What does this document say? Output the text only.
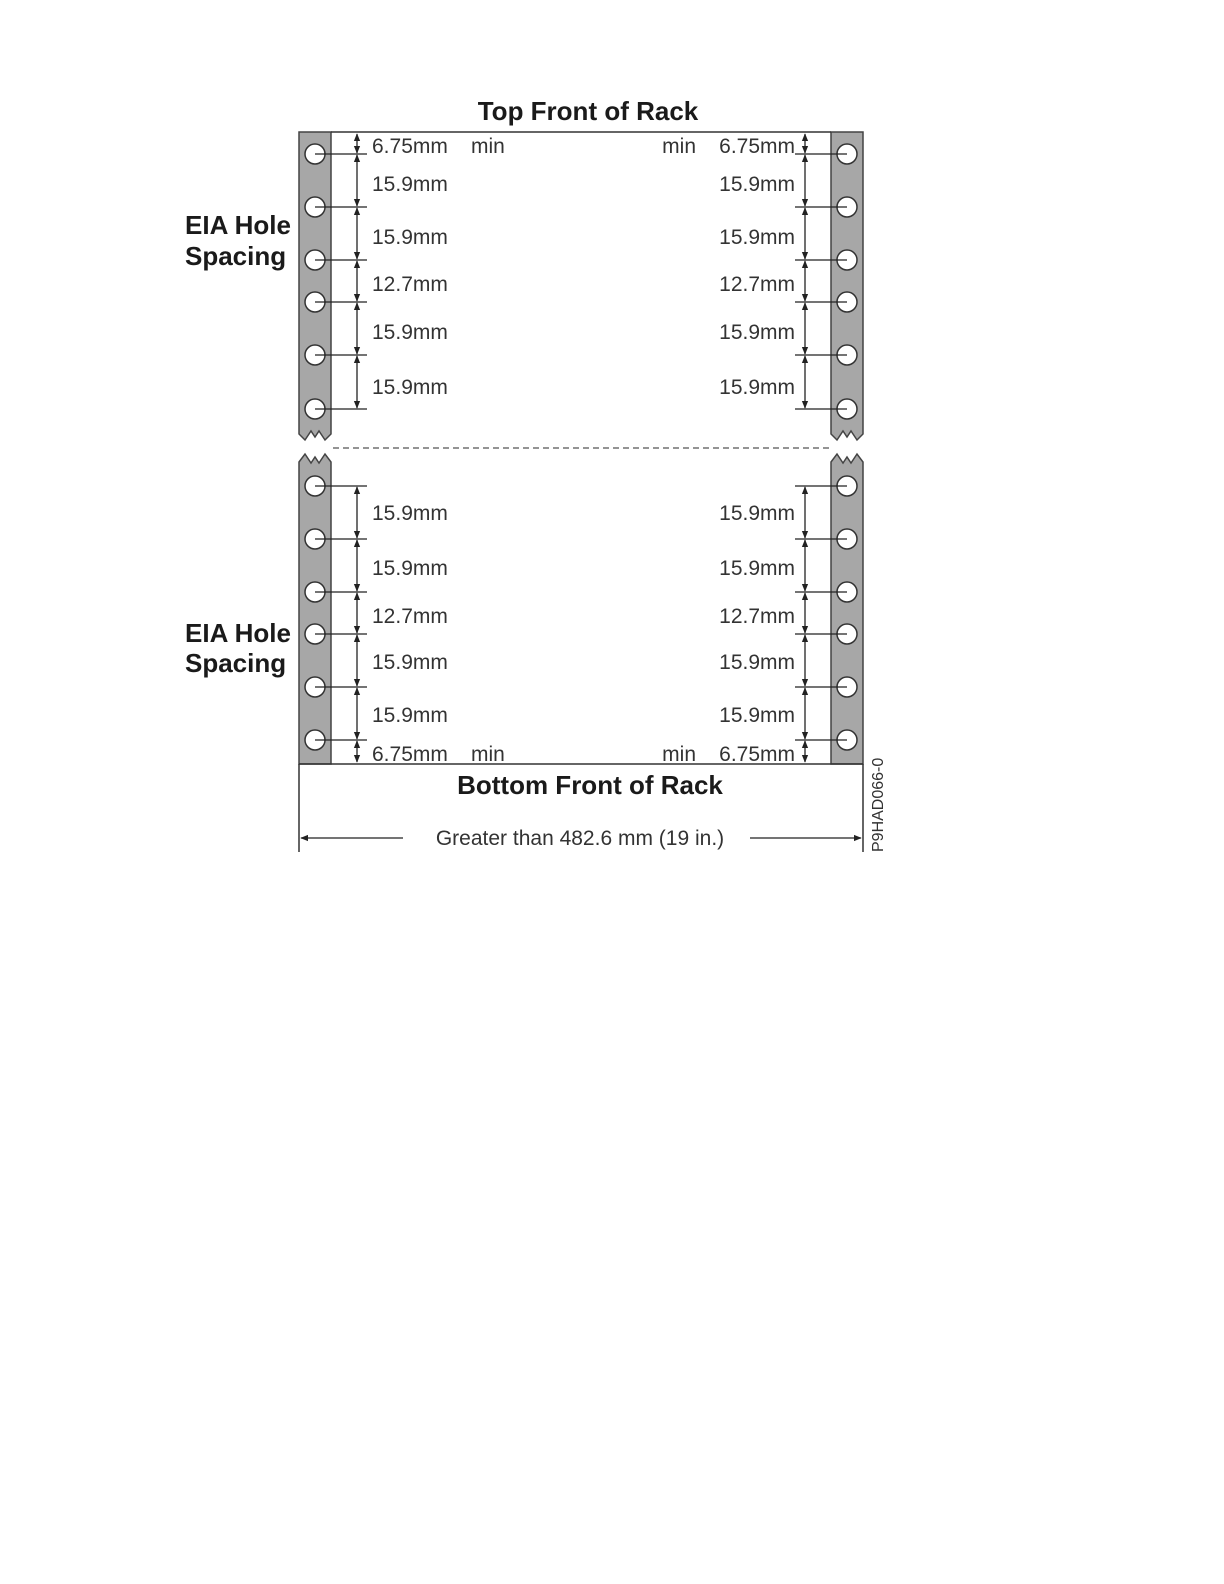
Top Front of Rack
Bottom Front of Rack
EIA Hole
Spacing
EIA Hole
Spacing
6.75mm min	min 6.75mm
15.9mm
15.9mm
12.7mm
15.9mm
15.9mm
15.9mm
15.9mm
12.7mm
15.9mm
15.9mm
15.9mm
15.9mm
12.7mm
15.9mm
15.9mm
15.9mm
15.9mm
12.7mm
15.9mm
15.9mm
6.75mm min	min 6.75mm
Greater than 482.6 mm (19 in.)	P9HAD066-0
